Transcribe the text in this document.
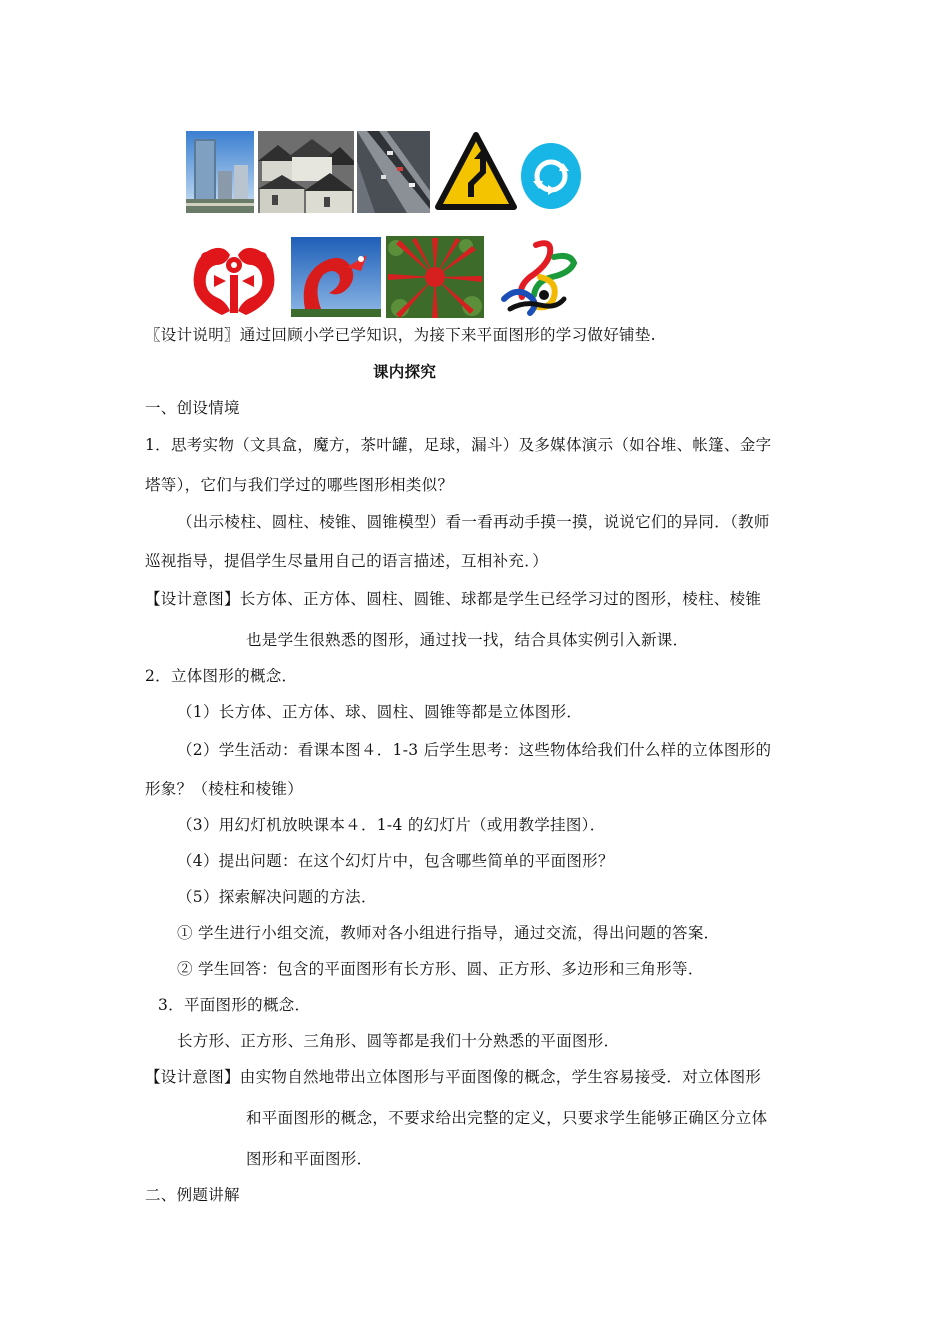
〖设计说明〗通过回顾小学已学知识，为接下来平面图形的学习做好铺垫.
课内探究
一、创设情境
1．思考实物（文具盒，魔方，茶叶罐，足球，漏斗）及多媒体演示（如谷堆、帐篷、金字
塔等），它们与我们学过的哪些图形相类似？
（出示棱柱、圆柱、棱锥、圆锥模型）看一看再动手摸一摸，说说它们的异同．（教师
巡视指导，提倡学生尽量用自己的语言描述，互相补充．）
【设计意图】长方体、正方体、圆柱、圆锥、球都是学生已经学习过的图形，棱柱、棱锥
也是学生很熟悉的图形，通过找一找，结合具体实例引入新课．
2．立体图形的概念．
（1）长方体、正方体、球、圆柱、圆锥等都是立体图形．
（2）学生活动：看课本图４．1-3 后学生思考：这些物体给我们什么样的立体图形的
形象？（棱柱和棱锥）
（3）用幻灯机放映课本４．1-4 的幻灯片（或用教学挂图）．
（4）提出问题：在这个幻灯片中，包含哪些简单的平面图形？
（5）探索解决问题的方法．
① 学生进行小组交流，教师对各小组进行指导，通过交流，得出问题的答案．
② 学生回答：包含的平面图形有长方形、圆、正方形、多边形和三角形等．
3．平面图形的概念．
长方形、正方形、三角形、圆等都是我们十分熟悉的平面图形．
【设计意图】由实物自然地带出立体图形与平面图像的概念，学生容易接受．对立体图形
和平面图形的概念，不要求给出完整的定义，只要求学生能够正确区分立体
图形和平面图形．
二、例题讲解
